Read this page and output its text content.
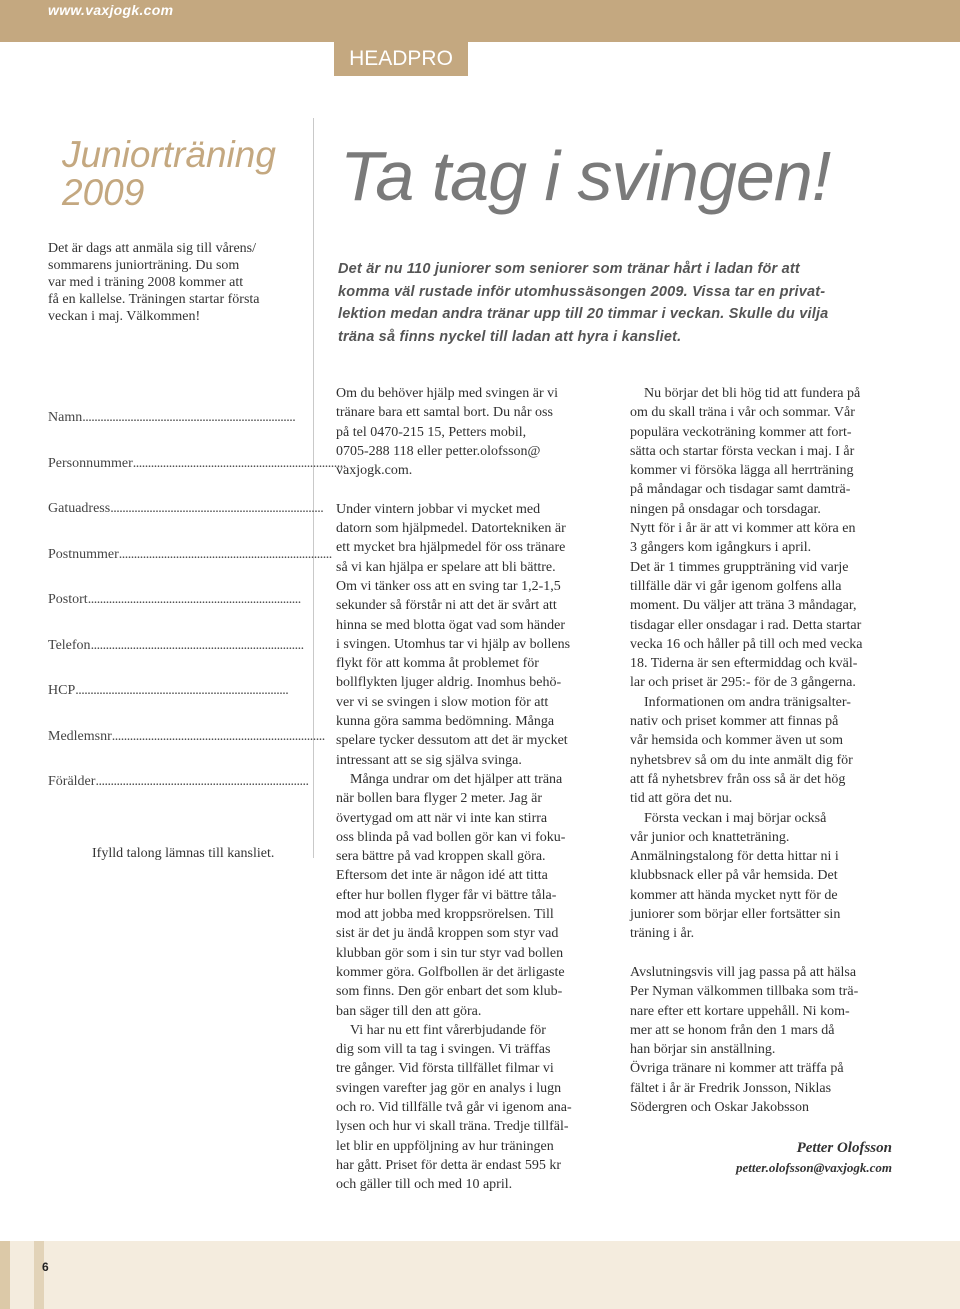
www.vaxjogk.com
HEADPRO
Juniorträning
2009
Det är dags att anmäla sig till vårens/
sommarens juniorträning. Du som
var med i träning 2008 kommer att
få en kallelse. Träningen startar första
veckan i maj. Välkommen!
Namn.......................................................................
Personnummer.......................................................................
Gatuadress.......................................................................
Postnummer.......................................................................
Postort.......................................................................
Telefon.......................................................................
HCP.......................................................................
Medlemsnr.......................................................................
Förälder.......................................................................
Ifylld talong lämnas till kansliet.
Ta tag i svingen!
Det är nu 110 juniorer som seniorer som tränar hårt i ladan för att
komma väl rustade inför utomhussäsongen 2009. Vissa tar en privat-
lektion medan andra tränar upp till 20 timmar i veckan. Skulle du vilja
träna så finns nyckel till ladan att hyra i kansliet.
Om du behöver hjälp med svingen är vi
tränare bara ett samtal bort. Du når oss
på tel 0470-215 15, Petters mobil,
0705-288 118 eller petter.olofsson@
vaxjogk.com.
Under vintern jobbar vi mycket med
datorn som hjälpmedel. Datortekniken är
ett mycket bra hjälpmedel för oss tränare
så vi kan hjälpa er spelare att bli bättre.
Om vi tänker oss att en sving tar 1,2-1,5
sekunder så förstår ni att det är svårt att
hinna se med blotta ögat vad som händer
i svingen. Utomhus tar vi hjälp av bollens
flykt för att komma åt problemet för
bollflykten ljuger aldrig. Inomhus behö-
ver vi se svingen i slow motion för att
kunna göra samma bedömning. Många
spelare tycker dessutom att det är mycket
intressant att se sig själva svinga.
Många undrar om det hjälper att träna
när bollen bara flyger 2 meter. Jag är
övertygad om att när vi inte kan stirra
oss blinda på vad bollen gör kan vi foku-
sera bättre på vad kroppen skall göra.
Eftersom det inte är någon idé att titta
efter hur bollen flyger får vi bättre tåla-
mod att jobba med kroppsrörelsen. Till
sist är det ju ändå kroppen som styr vad
klubban gör som i sin tur styr vad bollen
kommer göra. Golfbollen är det ärligaste
som finns. Den gör enbart det som klub-
ban säger till den att göra.
Vi har nu ett fint vårerbjudande för
dig som vill ta tag i svingen. Vi träffas
tre gånger. Vid första tillfället filmar vi
svingen varefter jag gör en analys i lugn
och ro. Vid tillfälle två går vi igenom ana-
lysen och hur vi skall träna. Tredje tillfäl-
let blir en uppföljning av hur träningen
har gått. Priset för detta är endast 595 kr
och gäller till och med 10 april.
Nu börjar det bli hög tid att fundera på
om du skall träna i vår och sommar. Vår
populära veckoträning kommer att fort-
sätta och startar första veckan i maj. I år
kommer vi försöka lägga all herrträning
på måndagar och tisdagar samt damträ-
ningen på onsdagar och torsdagar.
Nytt för i år är att vi kommer att köra en
3 gångers kom igångkurs i april.
Det är 1 timmes gruppträning vid varje
tillfälle där vi går igenom golfens alla
moment. Du väljer att träna 3 måndagar,
tisdagar eller onsdagar i rad. Detta startar
vecka 16 och håller på till och med vecka
18. Tiderna är sen eftermiddag och kväl-
lar och priset är 295:- för de 3 gångerna.
Informationen om andra tränigsalter-
nativ och priset kommer att finnas på
vår hemsida och kommer även ut som
nyhetsbrev så om du inte anmält dig för
att få nyhetsbrev från oss så är det hög
tid att göra det nu.
Första veckan i maj börjar också
vår junior och knatteträning.
Anmälningstalong för detta hittar ni i
klubbsnack eller på vår hemsida. Det
kommer att hända mycket nytt för de
juniorer som börjar eller fortsätter sin
träning i år.
Avslutningsvis vill jag passa på att hälsa
Per Nyman välkommen tillbaka som trä-
nare efter ett kortare uppehåll. Ni kom-
mer att se honom från den 1 mars då
han börjar sin anställning.
Övriga tränare ni kommer att träffa på
fältet i år är Fredrik Jonsson, Niklas
Södergren och Oskar Jakobsson
Petter Olofsson
petter.olofsson@vaxjogk.com
6
